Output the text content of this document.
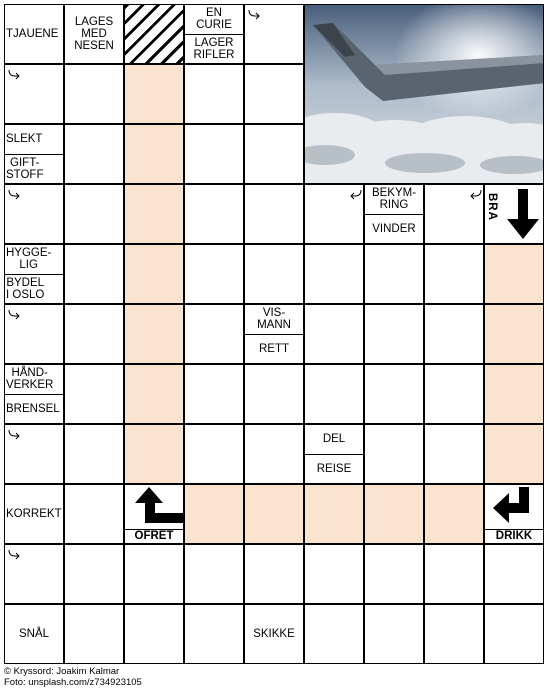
TJAUENE
LAGES
MED
NESEN
EN
CURIE
LAGER
RIFLER
SLEKT
GIFT-
STOFF
BEKYM-
RING
VINDER
BRA
HYGGE-
LIG
BYDEL
I OSLO
VIS-
MANN
RETT
HÅND-
VERKER
BRENSEL
DEL
REISE
KORREKT
OFRET	DRIKK
SNÅL	SKIKKE
© Kryssord: Joakim Kalmar
Foto: unsplash.com/z734923105
